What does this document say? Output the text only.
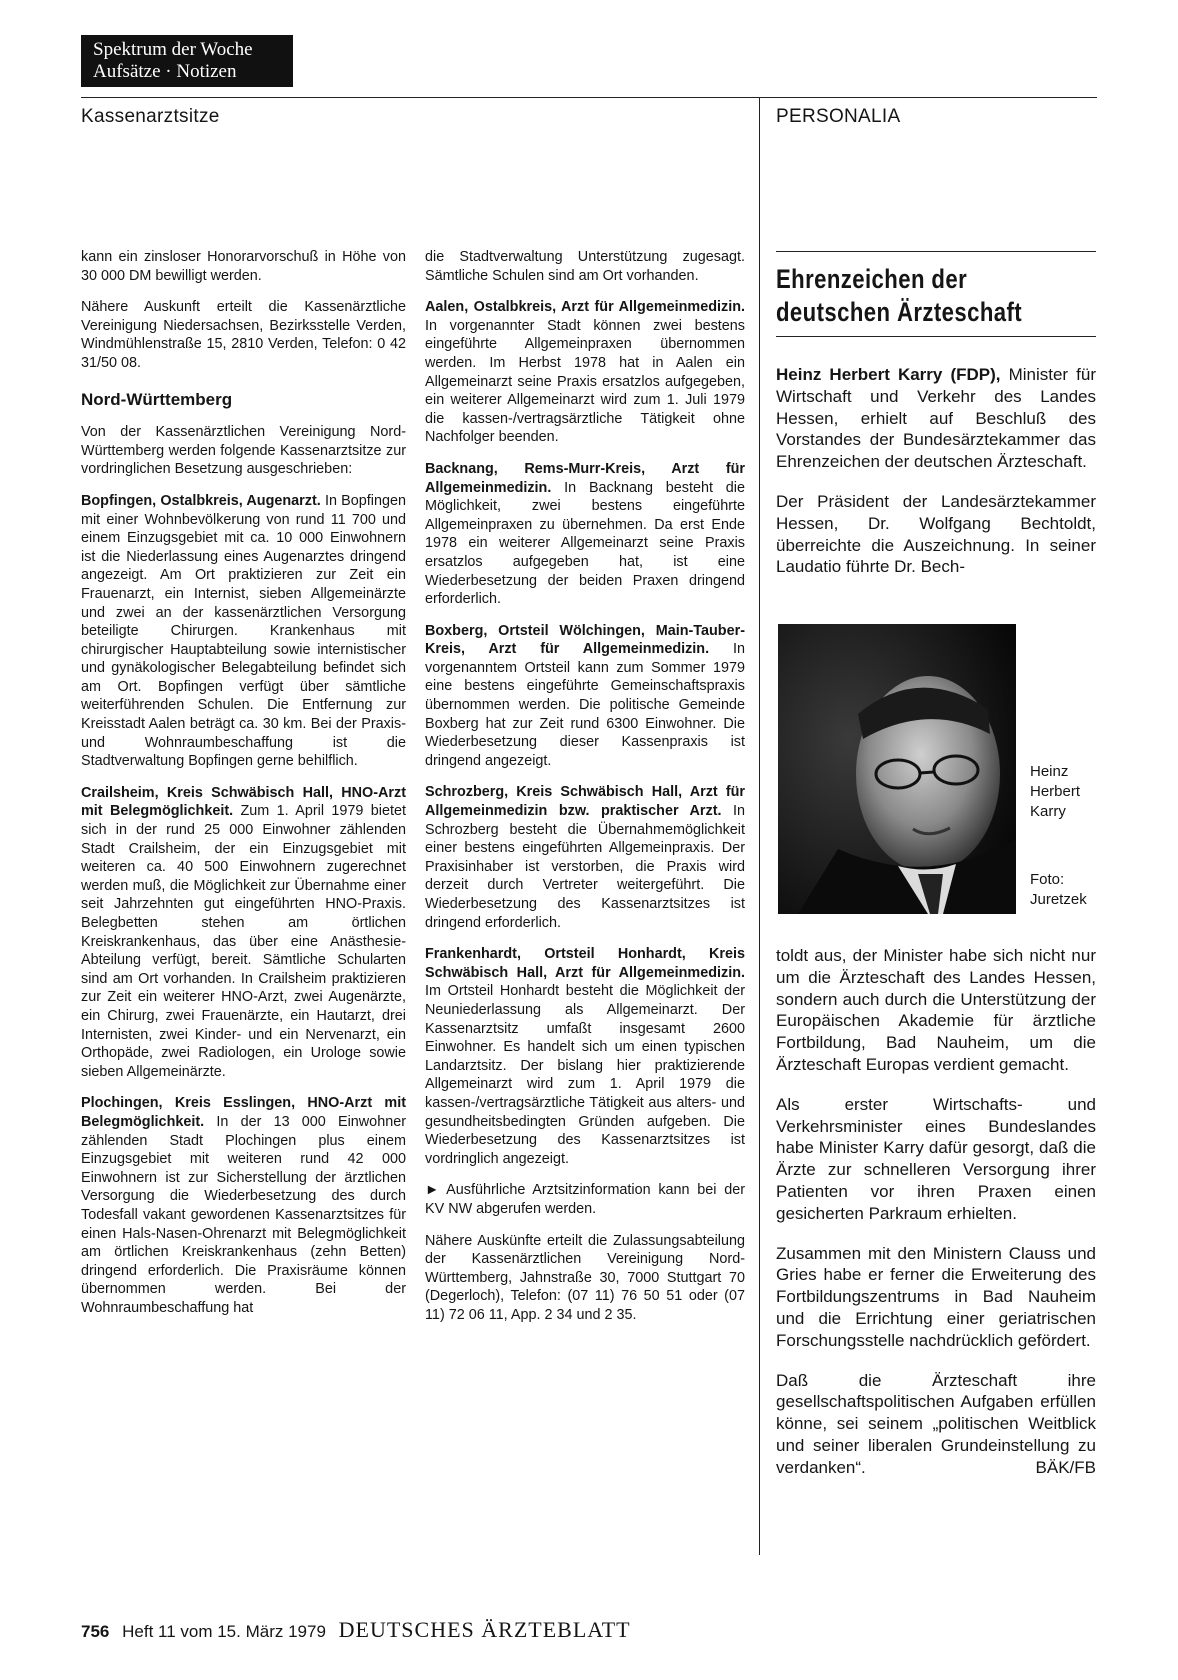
Spektrum der Woche
Aufsätze · Notizen
Kassenarztsitze	PERSONALIA

kann ein zinsloser Honorarvorschuß in Höhe von 30 000 DM bewilligt werden.

Nähere Auskunft erteilt die Kassenärztliche Vereinigung Niedersachsen, Bezirksstelle Verden, Windmühlenstraße 15, 2810 Verden, Telefon: 0 42 31/50 08.

Nord-Württemberg

Von der Kassenärztlichen Vereinigung Nord-Württemberg werden folgende Kassenarztsitze zur vordringlichen Besetzung ausgeschrieben:

Bopfingen, Ostalbkreis, Augenarzt. In Bopfingen mit einer Wohnbevölkerung von rund 11 700 und einem Einzugsgebiet mit ca. 10 000 Einwohnern ist die Niederlassung eines Augenarztes dringend angezeigt. Am Ort praktizieren zur Zeit ein Frauenarzt, ein Internist, sieben Allgemeinärzte und zwei an der kassenärztlichen Versorgung beteiligte Chirurgen. Krankenhaus mit chirurgischer Hauptabteilung sowie internistischer und gynäkologischer Belegabteilung befindet sich am Ort. Bopfingen verfügt über sämtliche weiterführenden Schulen. Die Entfernung zur Kreisstadt Aalen beträgt ca. 30 km. Bei der Praxis- und Wohnraumbeschaffung ist die Stadtverwaltung Bopfingen gerne behilflich.

Crailsheim, Kreis Schwäbisch Hall, HNO-Arzt mit Belegmöglichkeit. Zum 1. April 1979 bietet sich in der rund 25 000 Einwohner zählenden Stadt Crailsheim, der ein Einzugsgebiet mit weiteren ca. 40 500 Einwohnern zugerechnet werden muß, die Möglichkeit zur Übernahme einer seit Jahrzehnten gut eingeführten HNO-Praxis. Belegbetten stehen am örtlichen Kreiskrankenhaus, das über eine Anästhesie-Abteilung verfügt, bereit. Sämtliche Schularten sind am Ort vorhanden. In Crailsheim praktizieren zur Zeit ein weiterer HNO-Arzt, zwei Augenärzte, ein Chirurg, zwei Frauenärzte, ein Hautarzt, drei Internisten, zwei Kinder- und ein Nervenarzt, ein Orthopäde, zwei Radiologen, ein Urologe sowie sieben Allgemeinärzte.

Plochingen, Kreis Esslingen, HNO-Arzt mit Belegmöglichkeit. In der 13 000 Einwohner zählenden Stadt Plochingen plus einem Einzugsgebiet mit weiteren rund 42 000 Einwohnern ist zur Sicherstellung der ärztlichen Versorgung die Wiederbesetzung des durch Todesfall vakant gewordenen Kassenarztsitzes für einen Hals-Nasen-Ohrenarzt mit Belegmöglichkeit am örtlichen Kreiskrankenhaus (zehn Betten) dringend erforderlich. Die Praxisräume können übernommen werden. Bei der Wohnraumbeschaffung hat

die Stadtverwaltung Unterstützung zugesagt. Sämtliche Schulen sind am Ort vorhanden.

Aalen, Ostalbkreis, Arzt für Allgemeinmedizin. In vorgenannter Stadt können zwei bestens eingeführte Allgemeinpraxen übernommen werden. Im Herbst 1978 hat in Aalen ein Allgemeinarzt seine Praxis ersatzlos aufgegeben, ein weiterer Allgemeinarzt wird zum 1. Juli 1979 die kassen-/vertragsärztliche Tätigkeit ohne Nachfolger beenden.

Backnang, Rems-Murr-Kreis, Arzt für Allgemeinmedizin. In Backnang besteht die Möglichkeit, zwei bestens eingeführte Allgemeinpraxen zu übernehmen. Da erst Ende 1978 ein weiterer Allgemeinarzt seine Praxis ersatzlos aufgegeben hat, ist eine Wiederbesetzung der beiden Praxen dringend erforderlich.

Boxberg, Ortsteil Wölchingen, Main-Tauber-Kreis, Arzt für Allgemeinmedizin. In vorgenanntem Ortsteil kann zum Sommer 1979 eine bestens eingeführte Gemeinschaftspraxis übernommen werden. Die politische Gemeinde Boxberg hat zur Zeit rund 6300 Einwohner. Die Wiederbesetzung dieser Kassenpraxis ist dringend angezeigt.

Schrozberg, Kreis Schwäbisch Hall, Arzt für Allgemeinmedizin bzw. praktischer Arzt. In Schrozberg besteht die Übernahmemöglichkeit einer bestens eingeführten Allgemeinpraxis. Der Praxisinhaber ist verstorben, die Praxis wird derzeit durch Vertreter weitergeführt. Die Wiederbesetzung des Kassenarztsitzes ist dringend erforderlich.

Frankenhardt, Ortsteil Honhardt, Kreis Schwäbisch Hall, Arzt für Allgemeinmedizin. Im Ortsteil Honhardt besteht die Möglichkeit der Neuniederlassung als Allgemeinarzt. Der Kassenarztsitz umfaßt insgesamt 2600 Einwohner. Es handelt sich um einen typischen Landarztsitz. Der bislang hier praktizierende Allgemeinarzt wird zum 1. April 1979 die kassen-/vertragsärztliche Tätigkeit aus alters- und gesundheitsbedingten Gründen aufgeben. Die Wiederbesetzung des Kassenarztsitzes ist vordringlich angezeigt.

► Ausführliche Arztsitzinformation kann bei der KV NW abgerufen werden.

Nähere Auskünfte erteilt die Zulassungsabteilung der Kassenärztlichen Vereinigung Nord-Württemberg, Jahnstraße 30, 7000 Stuttgart 70 (Degerloch), Telefon: (07 11) 76 50 51 oder (07 11) 72 06 11, App. 2 34 und 2 35.

Ehrenzeichen der
deutschen Ärzteschaft

Heinz Herbert Karry (FDP), Minister für Wirtschaft und Verkehr des Landes Hessen, erhielt auf Beschluß des Vorstandes der Bundesärztekammer das Ehrenzeichen der deutschen Ärzteschaft.

Der Präsident der Landesärztekammer Hessen, Dr. Wolfgang Bechtoldt, überreichte die Auszeichnung. In seiner Laudatio führte Dr. Bech-

Heinz
Herbert
Karry
Foto:
Juretzek

toldt aus, der Minister habe sich nicht nur um die Ärzteschaft des Landes Hessen, sondern auch durch die Unterstützung der Europäischen Akademie für ärztliche Fortbildung, Bad Nauheim, um die Ärzteschaft Europas verdient gemacht.

Als erster Wirtschafts- und Verkehrsminister eines Bundeslandes habe Minister Karry dafür gesorgt, daß die Ärzte zur schnelleren Versorgung ihrer Patienten vor ihren Praxen einen gesicherten Parkraum erhielten.

Zusammen mit den Ministern Clauss und Gries habe er ferner die Erweiterung des Fortbildungszentrums in Bad Nauheim und die Errichtung einer geriatrischen Forschungsstelle nachdrücklich gefördert.

Daß die Ärzteschaft ihre gesellschaftspolitischen Aufgaben erfüllen könne, sei seinem „politischen Weitblick und seiner liberalen Grundeinstellung zu verdanken“.	BÄK/FB
756 Heft 11 vom 15. März 1979 DEUTSCHES ÄRZTEBLATT
